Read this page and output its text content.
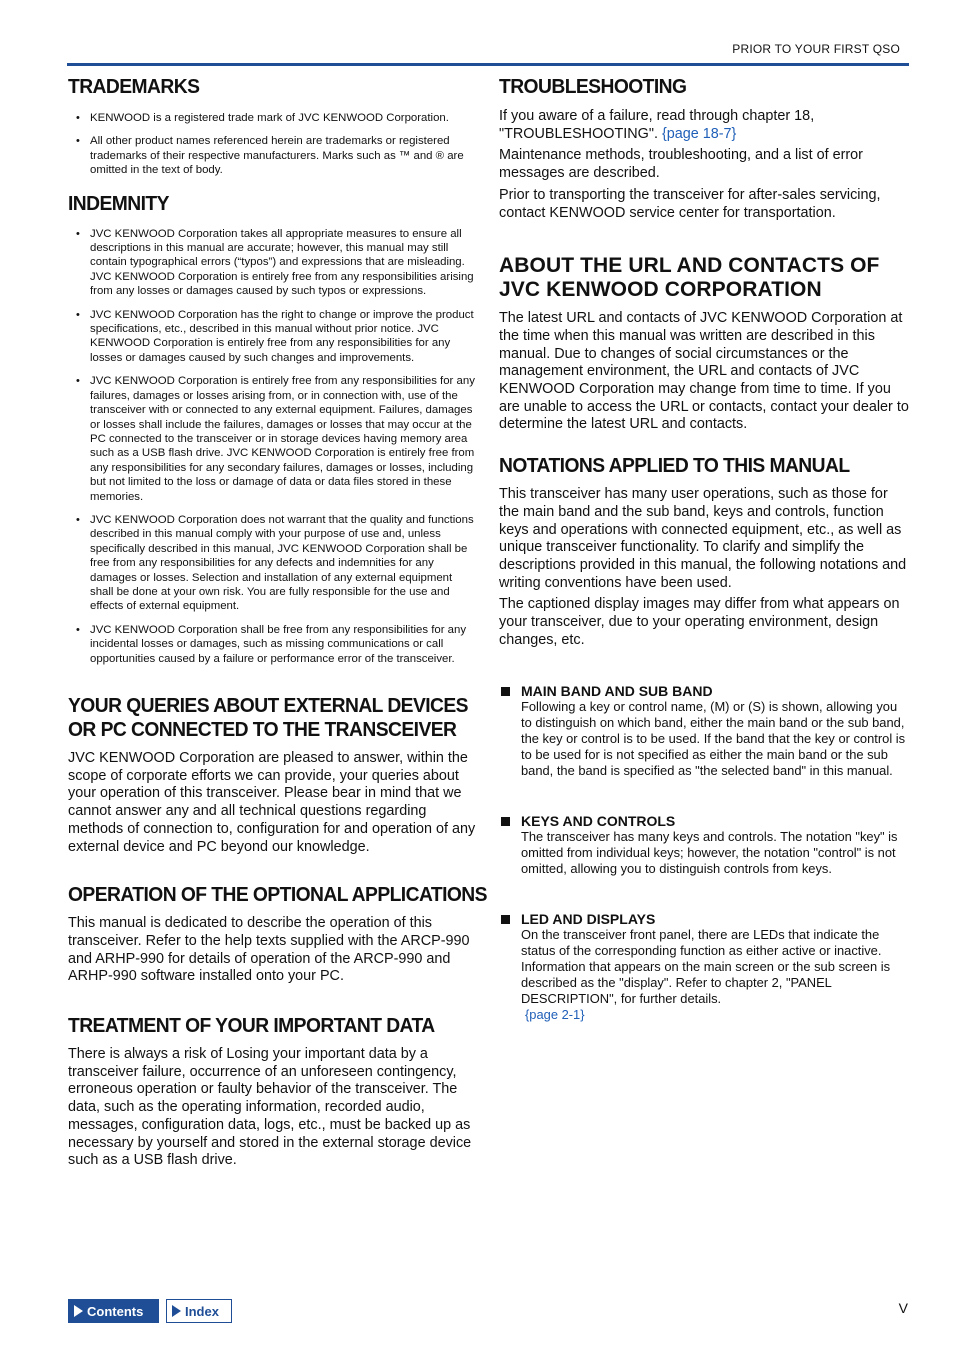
PRIOR TO YOUR FIRST QSO
TRADEMARKS
• KENWOOD is a registered trade mark of JVC KENWOOD Corporation.
• All other product names referenced herein are trademarks or registered trademarks of their respective manufacturers. Marks such as ™ and ® are omitted in the text of body.
INDEMNITY
• JVC KENWOOD Corporation takes all appropriate measures to ensure all descriptions in this manual are accurate; however, this manual may still contain typographical errors (“typos”) and expressions that are misleading. JVC KENWOOD Corporation is entirely free from any responsibilities arising from any losses or damages caused by such typos or expressions.
• JVC KENWOOD Corporation has the right to change or improve the product specifications, etc., described in this manual without prior notice. JVC KENWOOD Corporation is entirely free from any responsibilities for any losses or damages caused by such changes and improvements.
• JVC KENWOOD Corporation is entirely free from any responsibilities for any failures, damages or losses arising from, or in connection with, use of the transceiver with or connected to any external equipment. Failures, damages or losses shall include the failures, damages or losses that may occur at the PC connected to the transceiver or in storage devices having memory area such as a USB flash drive. JVC KENWOOD Corporation is entirely free from any responsibilities for any secondary failures, damages or losses, including but not limited to the loss or damage of data or data files stored in these memories.
• JVC KENWOOD Corporation does not warrant that the quality and functions described in this manual comply with your purpose of use and, unless specifically described in this manual, JVC KENWOOD Corporation shall be free from any responsibilities for any defects and indemnities for any damages or losses. Selection and installation of any external equipment shall be done at your own risk. You are fully responsible for the use and effects of external equipment.
• JVC KENWOOD Corporation shall be free from any responsibilities for any incidental losses or damages, such as missing communications or call opportunities caused by a failure or performance error of the transceiver.
YOUR QUERIES ABOUT EXTERNAL DEVICES
OR PC CONNECTED TO THE TRANSCEIVER

JVC KENWOOD Corporation are pleased to answer, within the scope of corporate efforts we can provide, your queries about your operation of this transceiver. Please bear in mind that we cannot answer any and all technical questions regarding methods of connection to, configuration for and operation of any external device and PC beyond our knowledge.

OPERATION OF THE OPTIONAL APPLICATIONS

This manual is dedicated to describe the operation of this transceiver. Refer to the help texts supplied with the ARCP-990 and ARHP-990 for details of operation of the ARCP-990 and ARHP-990 software installed onto your PC.

TREATMENT OF YOUR IMPORTANT DATA

There is always a risk of Losing your important data by a transceiver failure, occurrence of an unforeseen contingency, erroneous operation or faulty behavior of the transceiver. The data, such as the operating information, recorded audio, messages, configuration data, logs, etc., must be backed up as necessary by yourself and stored in the external storage device such as a USB flash drive.

TROUBLESHOOTING

If you aware of a failure, read through chapter 18, "TROUBLESHOOTING". {page 18-7}

Maintenance methods, troubleshooting, and a list of error messages are described.

Prior to transporting the transceiver for after-sales servicing, contact KENWOOD service center for transportation.

ABOUT THE URL AND CONTACTS OF
JVC KENWOOD CORPORATION

The latest URL and contacts of JVC KENWOOD Corporation at the time when this manual was written are described in this manual. Due to changes of social circumstances or the management environment, the URL and contacts of JVC KENWOOD Corporation may change from time to time. If you are unable to access the URL or contacts, contact your dealer to determine the latest URL and contacts.

NOTATIONS APPLIED TO THIS MANUAL

This transceiver has many user operations, such as those for the main band and the sub band, keys and controls, function keys and operations with connected equipment, etc., as well as unique transceiver functionality. To clarify and simplify the descriptions provided in this manual, the following notations and writing conventions have been used.

The captioned display images may differ from what appears on your transceiver, due to your operating environment, design changes, etc.

MAIN BAND AND SUB BAND

Following a key or control name, (M) or (S) is shown, allowing you to distinguish on which band, either the main band or the sub band, the key or control is to be used. If the band that the key or control is to be used for is not specified as either the main band or the sub band, the band is specified as "the selected band" in this manual.

KEYS AND CONTROLS

The transceiver has many keys and controls. The notation "key" is omitted from individual keys; however, the notation "control" is not omitted, allowing you to distinguish controls from keys.

LED AND DISPLAYS

On the transceiver front panel, there are LEDs that indicate the status of the corresponding function as either active or inactive. Information that appears on the main screen or the sub screen is described as the "display". Refer to chapter 2, "PANEL DESCRIPTION", for further details.

{page 2-1}

Contents	Index	V
